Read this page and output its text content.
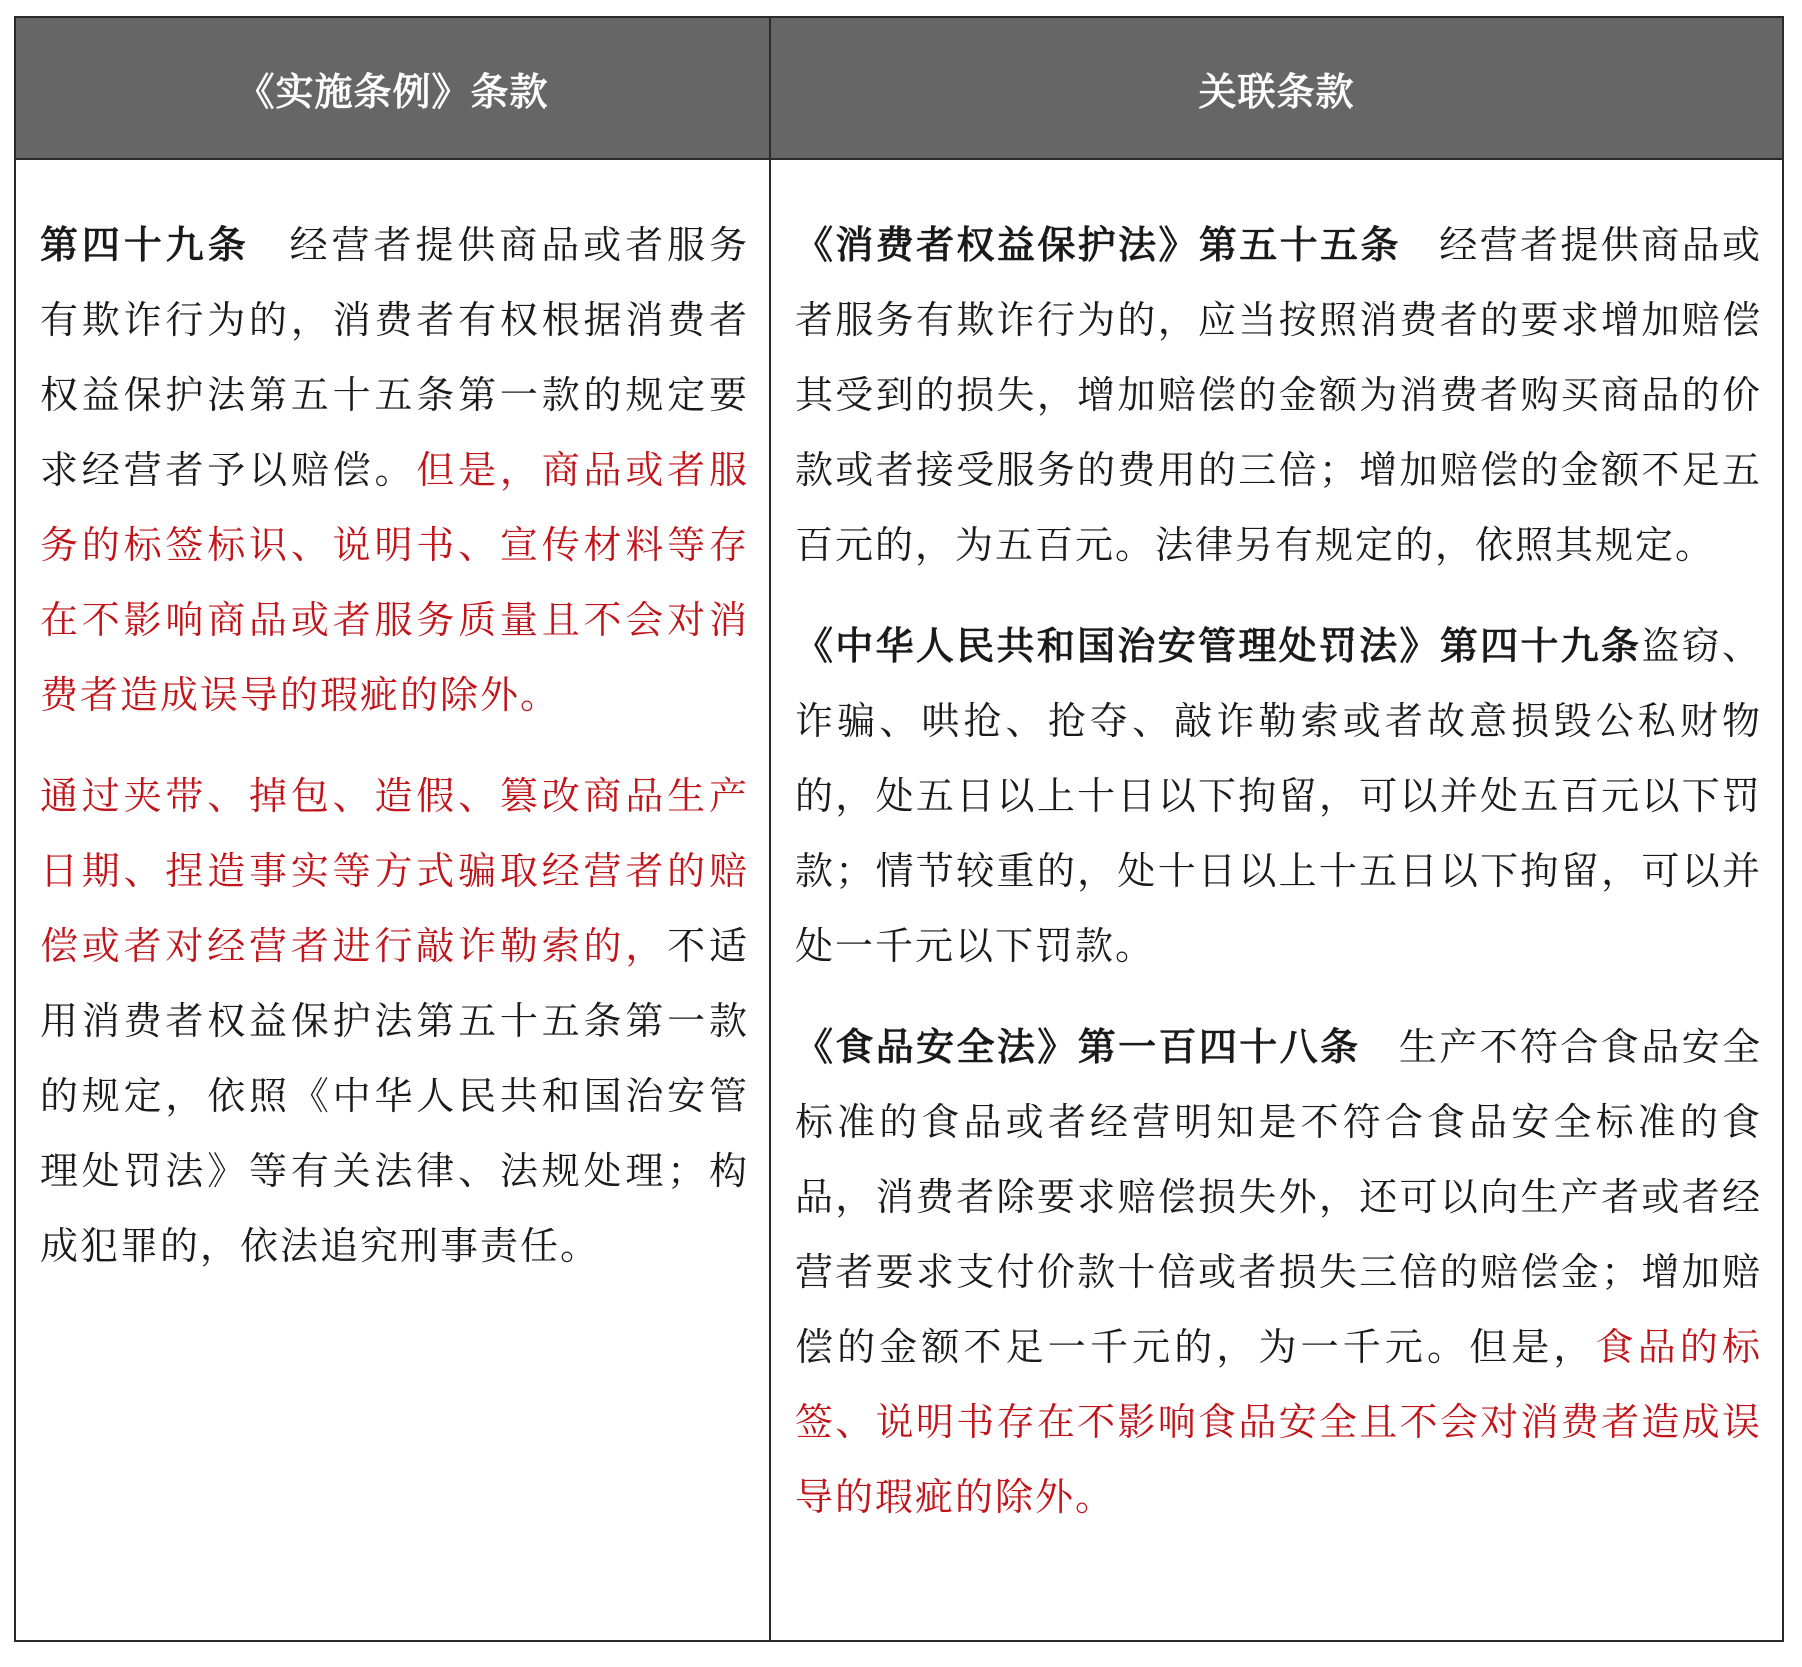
《实施条例》条款	关联条款

第四十九条 经营者提供商品或者服务有欺诈行为的，消费者有权根据消费者权益保护法第五十五条第一款的规定要求经营者予以赔偿。但是，商品或者服务的标签标识、说明书、宣传材料等存在不影响商品或者服务质量且不会对消费者造成误导的瑕疵的除外。

通过夹带、掉包、造假、篡改商品生产日期、捏造事实等方式骗取经营者的赔偿或者对经营者进行敲诈勒索的，不适用消费者权益保护法第五十五条第一款的规定，依照《中华人民共和国治安管理处罚法》等有关法律、法规处理；构成犯罪的，依法追究刑事责任。

《消费者权益保护法》第五十五条 经营者提供商品或者服务有欺诈行为的，应当按照消费者的要求增加赔偿其受到的损失，增加赔偿的金额为消费者购买商品的价款或者接受服务的费用的三倍；增加赔偿的金额不足五百元的，为五百元。法律另有规定的，依照其规定。

《中华人民共和国治安管理处罚法》第四十九条盗窃、诈骗、哄抢、抢夺、敲诈勒索或者故意损毁公私财物的，处五日以上十日以下拘留，可以并处五百元以下罚款；情节较重的，处十日以上十五日以下拘留，可以并处一千元以下罚款。

《食品安全法》第一百四十八条 生产不符合食品安全标准的食品或者经营明知是不符合食品安全标准的食品，消费者除要求赔偿损失外，还可以向生产者或者经营者要求支付价款十倍或者损失三倍的赔偿金；增加赔偿的金额不足一千元的，为一千元。但是，食品的标签、说明书存在不影响食品安全且不会对消费者造成误导的瑕疵的除外。
